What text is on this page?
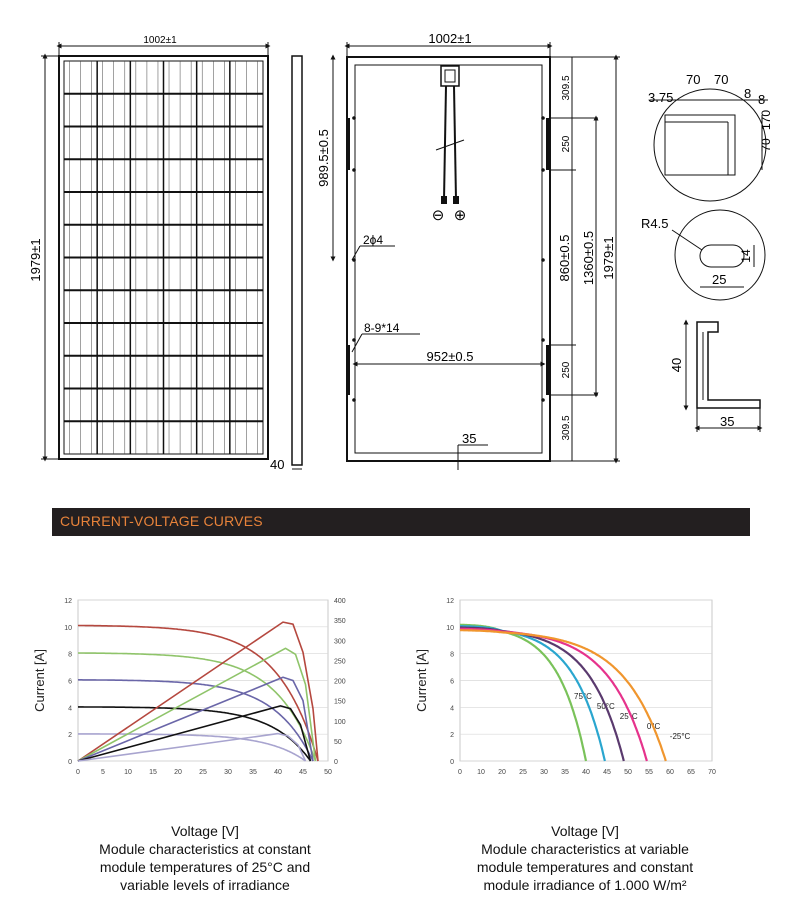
1002±1
1979±1
40
1002±1
⊖ ⊕
989.5±0.5
2ϕ4
8-9*14
952±0.5
309.5
250
860±0.5
250
309.5
1360±0.5 1979±1
35
70 70
3.75	8 8
70
170
R4.5
25
14
40
35
CURRENT-VOLTAGE CURVES
0
2
4
6
8
10
12
0	5	10 15 20 25 30 35 40 45 50
Current [A]
0
50
100
150
200
250
300
350
400
0
2
4
6
8
10
12
0 10 20 25 30 35 40 45 50 55 60 65 70
Current [A]	75°C
50°C
25°C
0°C
-25°C
Voltage [V]
Module characteristics at constant
module temperatures of 25°C and
variable levels of irradiance
Voltage [V]
Module characteristics at variable
module temperatures and constant
module irradiance of 1.000 W/m²
